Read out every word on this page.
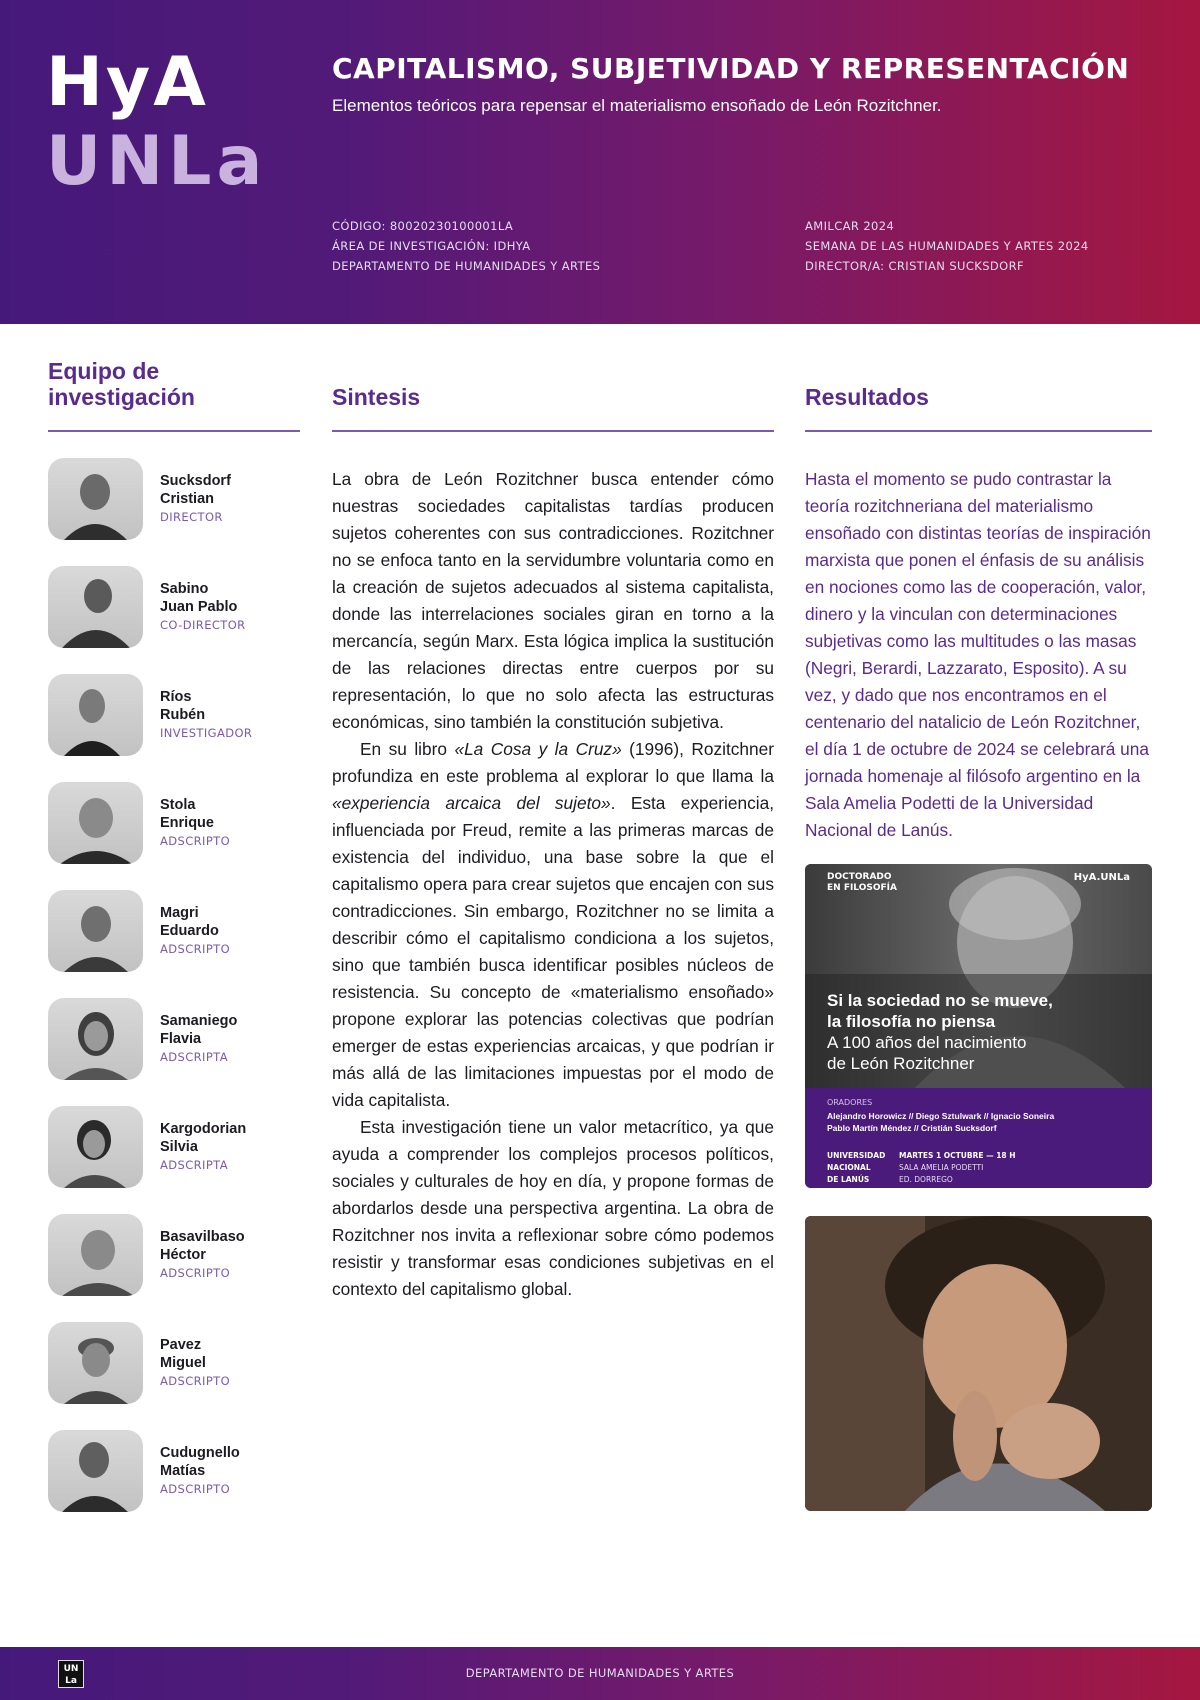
HyA
UNLa
CAPITALISMO, SUBJETIVIDAD Y REPRESENTACIÓN
Elementos teóricos para repensar el materialismo ensoñado de León Rozitchner.
CÓDIGO: 80020230100001LA
ÁREA DE INVESTIGACIÓN: IDHYA
DEPARTAMENTO DE HUMANIDADES Y ARTES
AMILCAR 2024
SEMANA DE LAS HUMANIDADES Y ARTES 2024
DIRECTOR/A: CRISTIAN SUCKSDORF
Equipo de investigación	Sintesis	Resultados
Sucksdorf
Cristian
DIRECTOR
Sabino
Juan Pablo
CO-DIRECTOR
Ríos
Rubén
INVESTIGADOR
Stola
Enrique
ADSCRIPTO
Magri
Eduardo
ADSCRIPTO
Samaniego
Flavia
ADSCRIPTA
Kargodorian
Silvia
ADSCRIPTA
Basavilbaso
Héctor
ADSCRIPTO
Pavez
Miguel
ADSCRIPTO
Cudugnello
Matías
ADSCRIPTO

La obra de León Rozitchner busca entender cómo nuestras sociedades capitalistas tardías producen sujetos coherentes con sus contradicciones. Rozitchner no se enfoca tanto en la servidumbre voluntaria como en la creación de sujetos adecuados al sistema capitalista, donde las interrelaciones sociales giran en torno a la mercancía, según Marx. Esta lógica implica la sustitución de las relaciones directas entre cuerpos por su representación, lo que no solo afecta las estructuras económicas, sino también la constitución subjetiva.

En su libro «La Cosa y la Cruz» (1996), Rozitchner profundiza en este problema al explorar lo que llama la «experiencia arcaica del sujeto». Esta experiencia, influenciada por Freud, remite a las primeras marcas de existencia del individuo, una base sobre la que el capitalismo opera para crear sujetos que encajen con sus contradicciones. Sin embargo, Rozitchner no se limita a describir cómo el capitalismo condiciona a los sujetos, sino que también busca identificar posibles núcleos de resistencia. Su concepto de «materialismo ensoñado» propone explorar las potencias colectivas que podrían emerger de estas experiencias arcaicas, y que podrían ir más allá de las limitaciones impuestas por el modo de vida capitalista.

Esta investigación tiene un valor metacrítico, ya que ayuda a comprender los complejos procesos políticos, sociales y culturales de hoy en día, y propone formas de abordarlos desde una perspectiva argentina. La obra de Rozitchner nos invita a reflexionar sobre cómo podemos resistir y transformar esas condiciones subjetivas en el contexto del capitalismo global.

Hasta el momento se pudo contrastar la teoría rozitchneriana del materialismo ensoñado con distintas teorías de inspiración marxista que ponen el énfasis de su análisis en nociones como las de cooperación, valor, dinero y la vinculan con determinaciones subjetivas como las multitudes o las masas (Negri, Berardi, Lazzarato, Esposito). A su vez, y dado que nos encontramos en el centenario del natalicio de León Rozitchner, el día 1 de octubre de 2024 se celebrará una jornada homenaje al filósofo argentino en la Sala Amelia Podetti de la Universidad Nacional de Lanús.
DOCTORADO
EN FILOSOFÍA
HyA.UNLa
Si la sociedad no se mueve,
la filosofía no piensa
A 100 años del nacimiento
de León Rozitchner
ORADORES
Alejandro Horowicz // Diego Sztulwark // Ignacio Soneira
Pablo Martín Méndez // Cristián Sucksdorf
UNIVERSIDAD
NACIONAL
DE LANÚS
MARTES 1 OCTUBRE — 18 H
SALA AMELIA PODETTI
ED. DORREGO
UN La
DEPARTAMENTO DE HUMANIDADES Y ARTES
